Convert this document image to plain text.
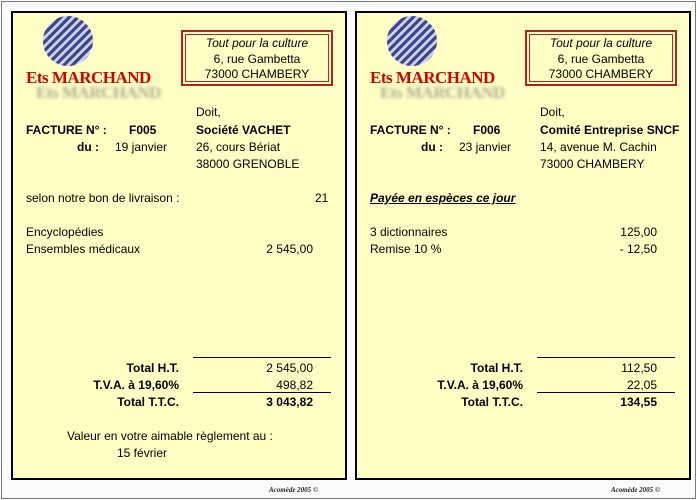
Ets MARCHAND
Ets MARCHAND
Tout pour la culture
6, rue Gambetta
73000 CHAMBERY
Doit,
FACTURE N° : F005	Société VACHET
du : 19 janvier 26, cours Bériat
38000 GRENOBLE
selon notre bon de livraison :	21
Encyclopédies
Ensembles médicaux	2 545,00
Total H.T.	2 545,00
T.V.A. à 19,60%	498,82
Total T.T.C.	3 043,82
Valeur en votre aimable règlement au :
15 février
Acomède 2005 ©
Ets MARCHAND
Ets MARCHAND
Tout pour la culture
6, rue Gambetta
73000 CHAMBERY
Doit,
FACTURE N° : F006	Comité Entreprise SNCF
du : 23 janvier 14, avenue M. Cachin
73000 CHAMBERY
Payée en espèces ce jour
3 dictionnaires	125,00
Remise 10 %	- 12,50
Total H.T.	112,50
T.V.A. à 19,60%	22,05
Total T.T.C.	134,55
Acomède 2005 ©
